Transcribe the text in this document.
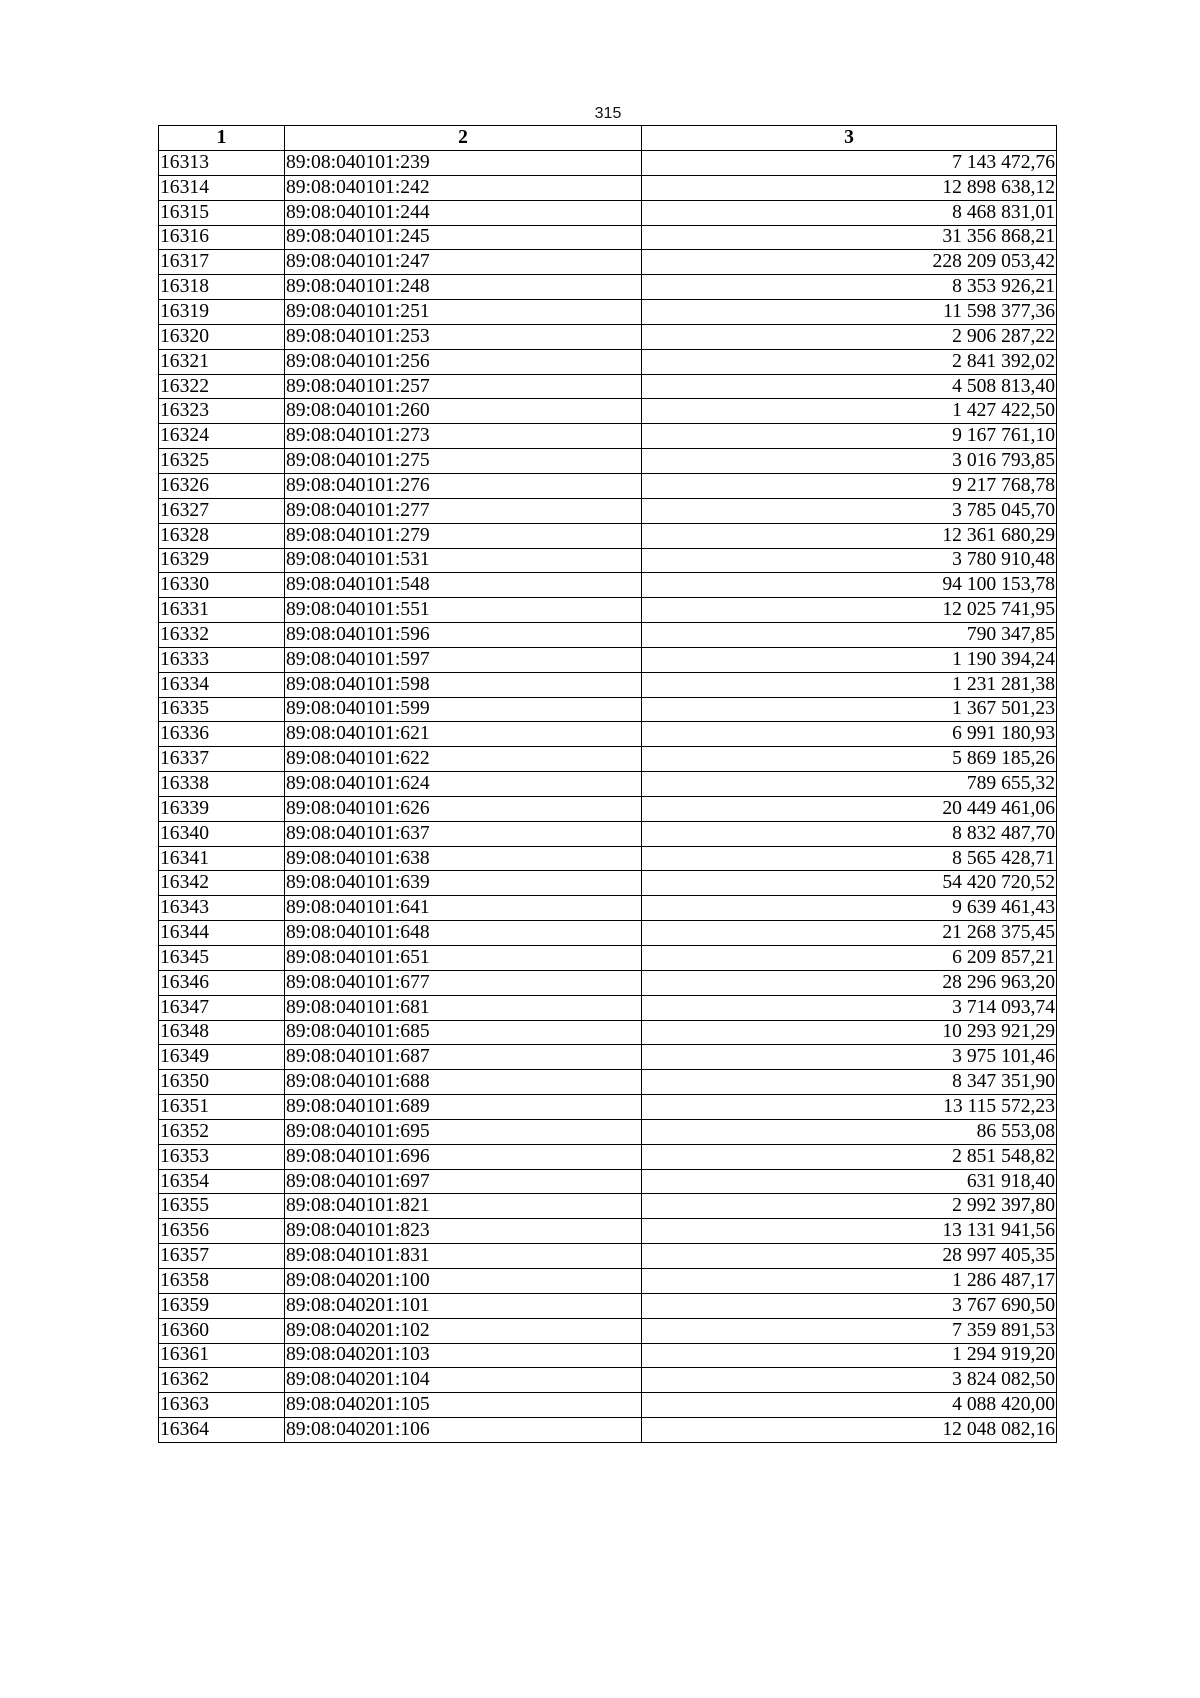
315
1	2	3
16313	89:08:040101:239	7 143 472,76
16314	89:08:040101:242	12 898 638,12
16315	89:08:040101:244	8 468 831,01
16316	89:08:040101:245	31 356 868,21
16317	89:08:040101:247	228 209 053,42
16318	89:08:040101:248	8 353 926,21
16319	89:08:040101:251	11 598 377,36
16320	89:08:040101:253	2 906 287,22
16321	89:08:040101:256	2 841 392,02
16322	89:08:040101:257	4 508 813,40
16323	89:08:040101:260	1 427 422,50
16324	89:08:040101:273	9 167 761,10
16325	89:08:040101:275	3 016 793,85
16326	89:08:040101:276	9 217 768,78
16327	89:08:040101:277	3 785 045,70
16328	89:08:040101:279	12 361 680,29
16329	89:08:040101:531	3 780 910,48
16330	89:08:040101:548	94 100 153,78
16331	89:08:040101:551	12 025 741,95
16332	89:08:040101:596	790 347,85
16333	89:08:040101:597	1 190 394,24
16334	89:08:040101:598	1 231 281,38
16335	89:08:040101:599	1 367 501,23
16336	89:08:040101:621	6 991 180,93
16337	89:08:040101:622	5 869 185,26
16338	89:08:040101:624	789 655,32
16339	89:08:040101:626	20 449 461,06
16340	89:08:040101:637	8 832 487,70
16341	89:08:040101:638	8 565 428,71
16342	89:08:040101:639	54 420 720,52
16343	89:08:040101:641	9 639 461,43
16344	89:08:040101:648	21 268 375,45
16345	89:08:040101:651	6 209 857,21
16346	89:08:040101:677	28 296 963,20
16347	89:08:040101:681	3 714 093,74
16348	89:08:040101:685	10 293 921,29
16349	89:08:040101:687	3 975 101,46
16350	89:08:040101:688	8 347 351,90
16351	89:08:040101:689	13 115 572,23
16352	89:08:040101:695	86 553,08
16353	89:08:040101:696	2 851 548,82
16354	89:08:040101:697	631 918,40
16355	89:08:040101:821	2 992 397,80
16356	89:08:040101:823	13 131 941,56
16357	89:08:040101:831	28 997 405,35
16358	89:08:040201:100	1 286 487,17
16359	89:08:040201:101	3 767 690,50
16360	89:08:040201:102	7 359 891,53
16361	89:08:040201:103	1 294 919,20
16362	89:08:040201:104	3 824 082,50
16363	89:08:040201:105	4 088 420,00
16364	89:08:040201:106	12 048 082,16
